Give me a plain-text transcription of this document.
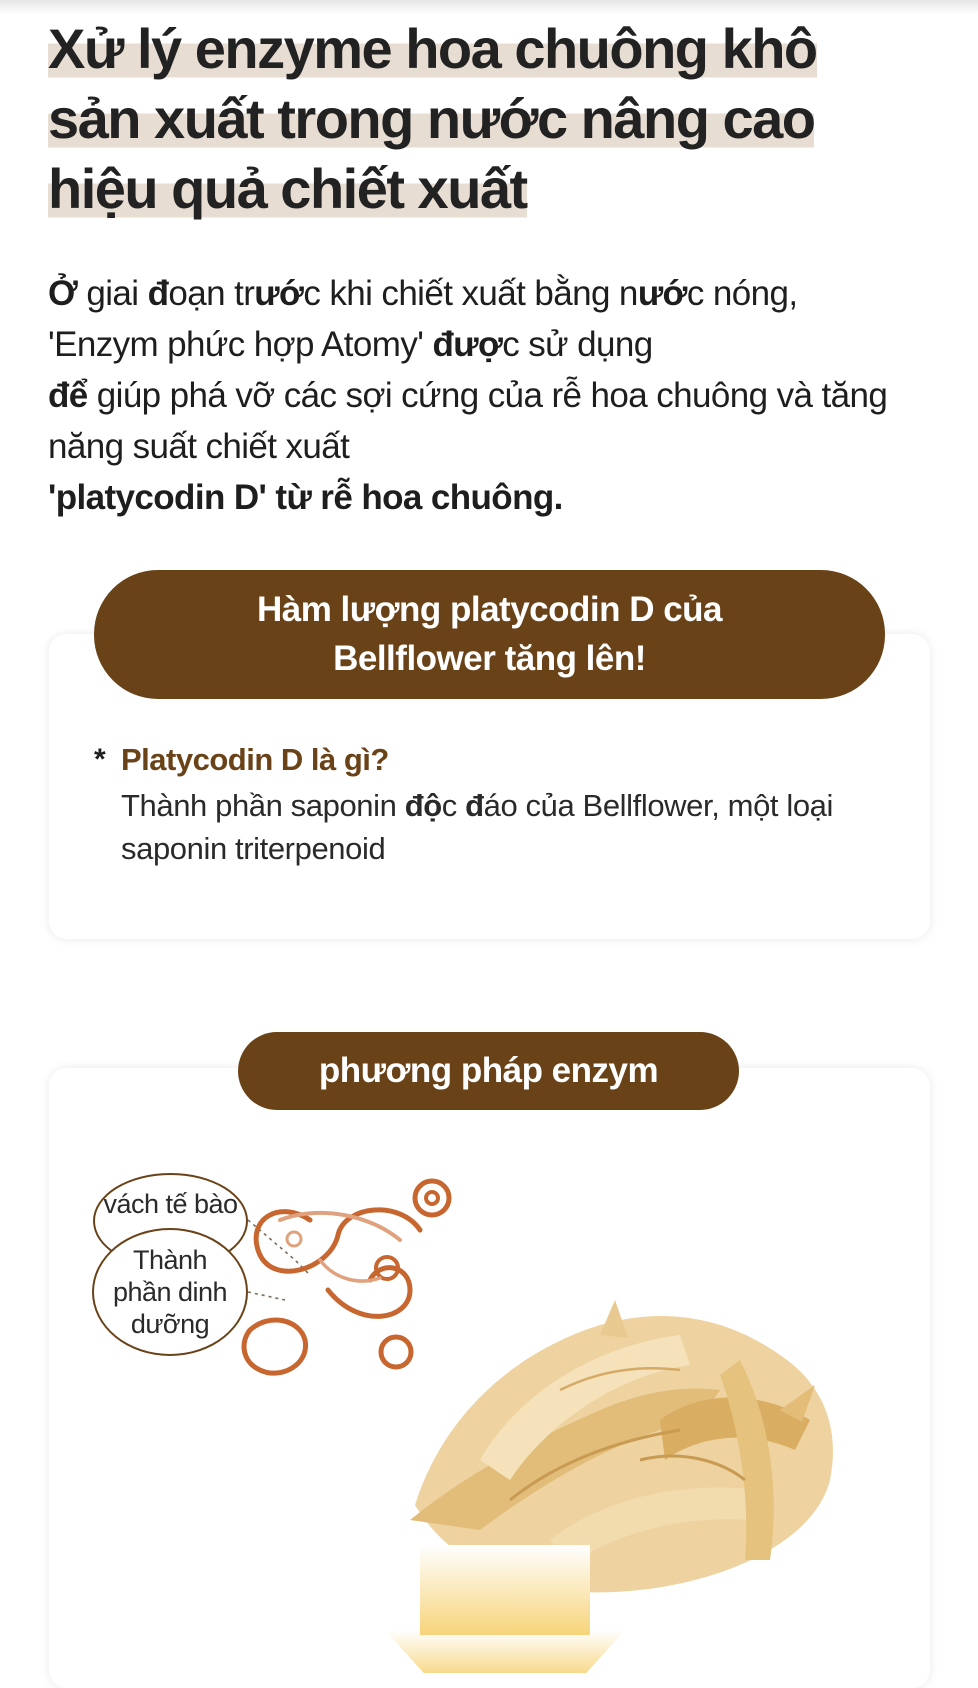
Xử lý enzyme hoa chuông khô
sản xuất trong nước nâng cao
hiệu quả chiết xuất
Ở giai đoạn trước khi chiết xuất bằng nước nóng,
'Enzym phức hợp Atomy' được sử dụng
để giúp phá vỡ các sợi cứng của rễ hoa chuông và tăng
năng suất chiết xuất
'platycodin D' từ rễ hoa chuông.
Hàm lượng platycodin D của
Bellflower tăng lên!
* Platycodin D là gì?
Thành phần saponin độc đáo của Bellflower, một loại saponin triterpenoid
phương pháp enzym
vách tế bào
Thành
phần dinh
dưỡng
